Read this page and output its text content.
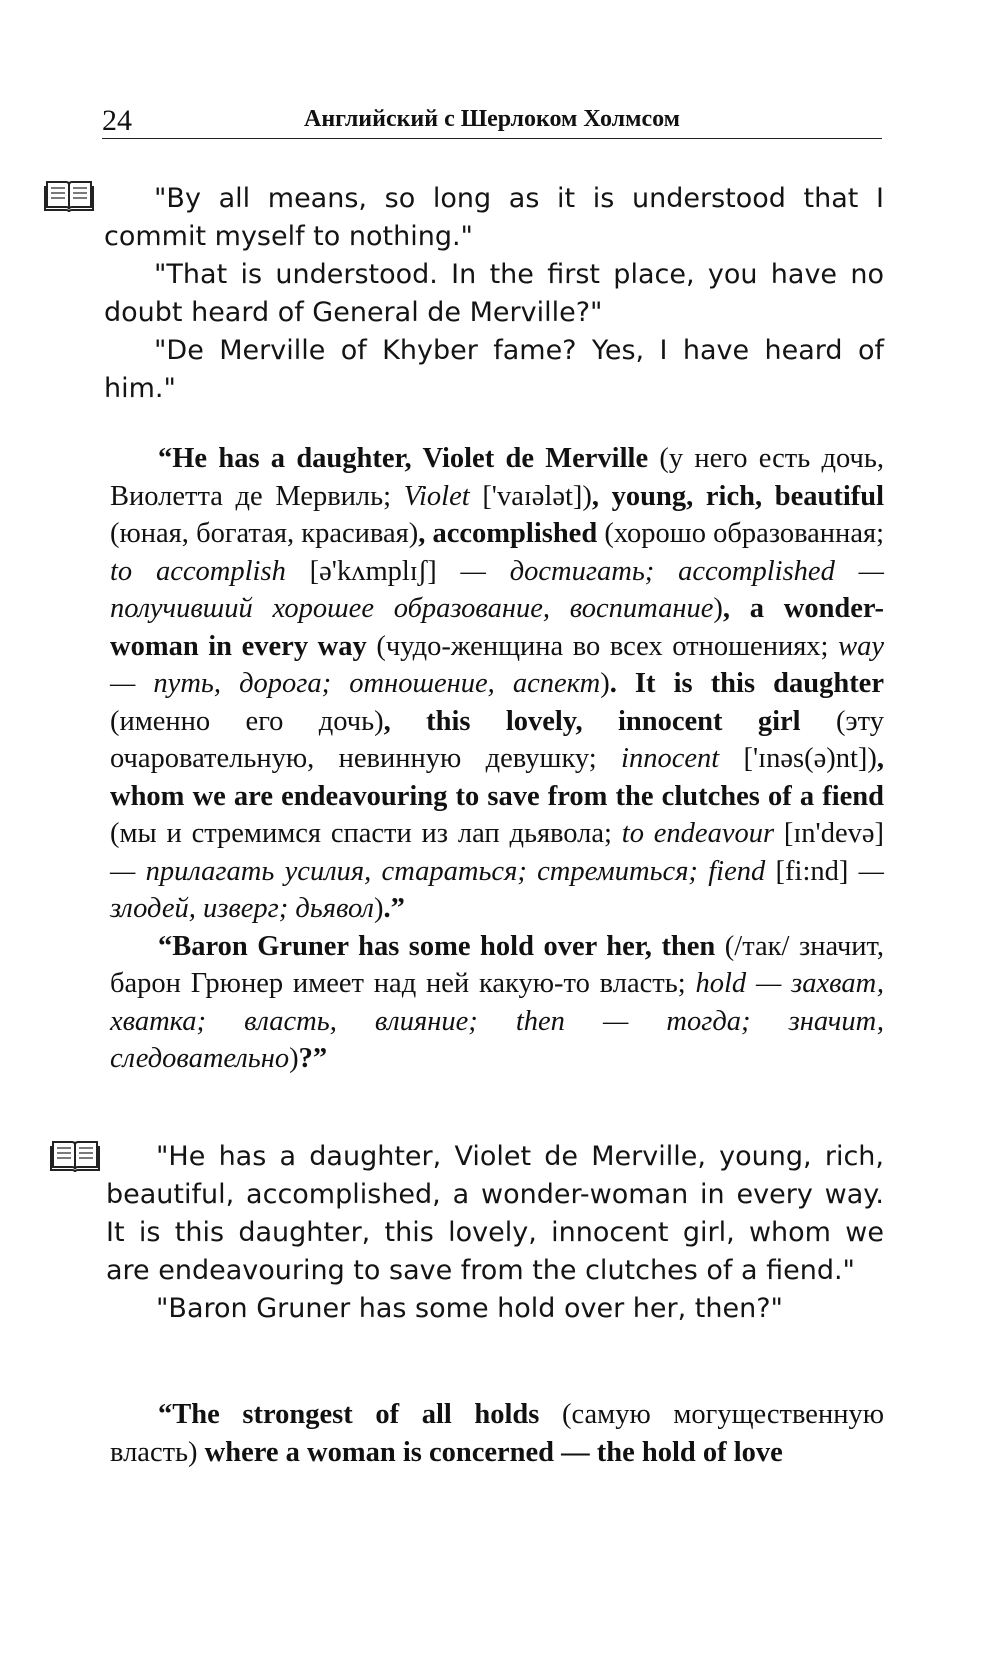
24	Английский с Шерлоком Холмсом

"By all means, so long as it is understood that I commit myself to nothing."

"That is understood. In the first place, you have no doubt heard of General de Merville?"

"De Merville of Khyber fame? Yes, I have heard of him."

“He has a daughter, Violet de Merville (у него есть дочь, Виолетта де Мервиль; Violet ['vaɪələt]), young, rich, beautiful (юная, богатая, красивая), accomplished (хорошо образованная; to accomplish [ə'kʌmplɪʃ] — достигать; accomplished — получивший хорошее образование, воспитание), a wonder-woman in every way (чудо-женщина во всех отношениях; way — путь, дорога; отношение, аспект). It is this daughter (именно его дочь), this lovely, innocent girl (эту очаровательную, невинную девушку; innocent ['ɪnəs(ə)nt]), whom we are endeavouring to save from the clutches of a fiend (мы и стремимся спасти из лап дьявола; to endeavour [ɪn'devə] — прилагать усилия, стараться; стремиться; fiend [fi:nd] — злодей, изверг; дьявол).”

“Baron Gruner has some hold over her, then (/так/ значит, барон Грюнер имеет над ней какую-то власть; hold — захват, хватка; власть, влияние; then — тогда; значит, следовательно)?”

"He has a daughter, Violet de Merville, young, rich, beautiful, accomplished, a wonder-woman in every way. It is this daughter, this lovely, innocent girl, whom we are endeavouring to save from the clutches of a fiend."

"Baron Gruner has some hold over her, then?"

“The strongest of all holds (самую могущественную власть) where a woman is concerned — the hold of love
